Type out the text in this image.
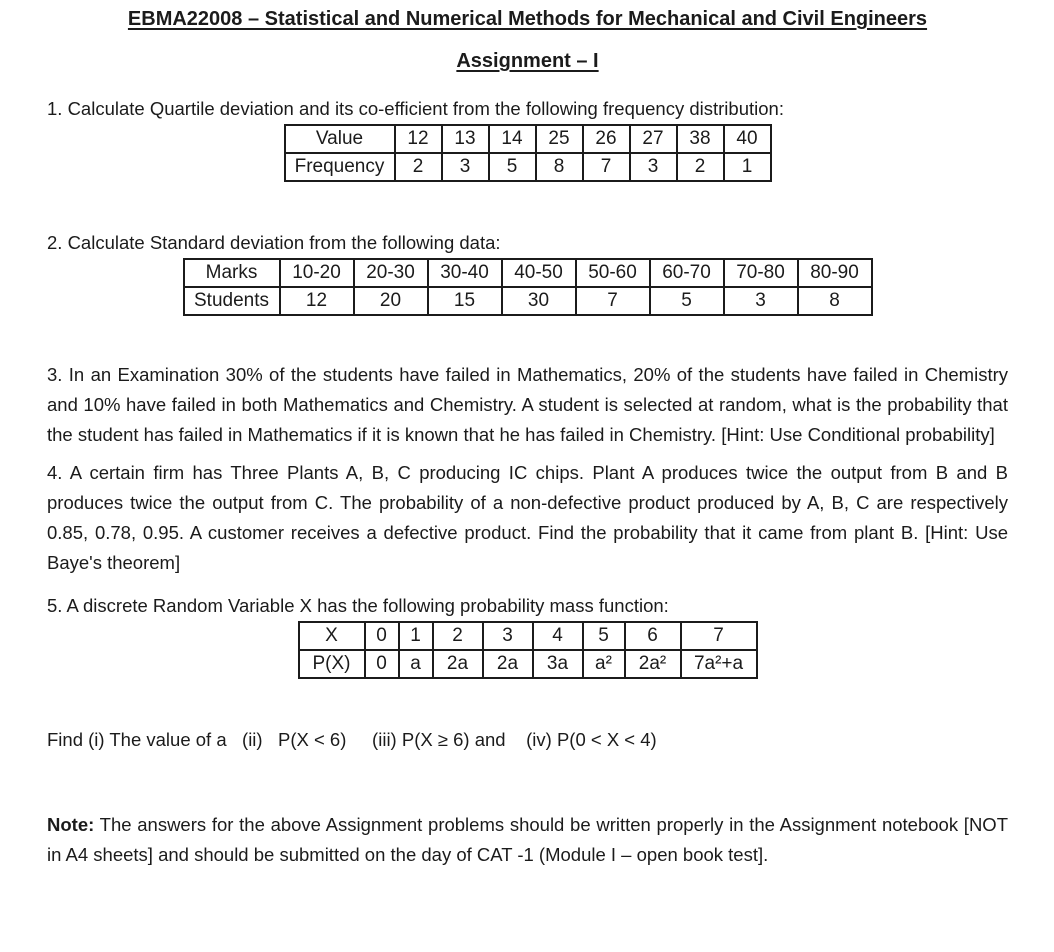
EBMA22008 – Statistical and Numerical Methods for Mechanical and Civil Engineers

Assignment – I

1. Calculate Quartile deviation and its co-efficient from the following frequency distribution:

Value	12	13	14	25	26	27	38	40
Frequency	2	3	5	8	7	3	2	1

2. Calculate Standard deviation from the following data:

Marks	10-20	20-30	30-40	40-50	50-60	60-70	70-80	80-90
Students	12	20	15	30	7	5	3	8

3. In an Examination 30% of the students have failed in Mathematics, 20% of the students have failed in Chemistry and 10% have failed in both Mathematics and Chemistry. A student is selected at random, what is the probability that the student has failed in Mathematics if it is known that he has failed in Chemistry. [Hint: Use Conditional probability]

4. A certain firm has Three Plants A, B, C producing IC chips. Plant A produces twice the output from B and B produces twice the output from C. The probability of a non-defective product produced by A, B, C are respectively 0.85, 0.78, 0.95. A customer receives a defective product. Find the probability that it came from plant B. [Hint: Use Baye's theorem]

5. A discrete Random Variable X has the following probability mass function:

X	0	1	2	3	4	5	6	7
P(X)	0	a	2a	2a	3a	a²	2a²	7a²+a

Find (i) The value of a   (ii)   P(X < 6)     (iii) P(X ≥ 6) and    (iv) P(0 < X < 4)

Note: The answers for the above Assignment problems should be written properly in the Assignment notebook [NOT in A4 sheets] and should be submitted on the day of CAT -1 (Module I – open book test].
